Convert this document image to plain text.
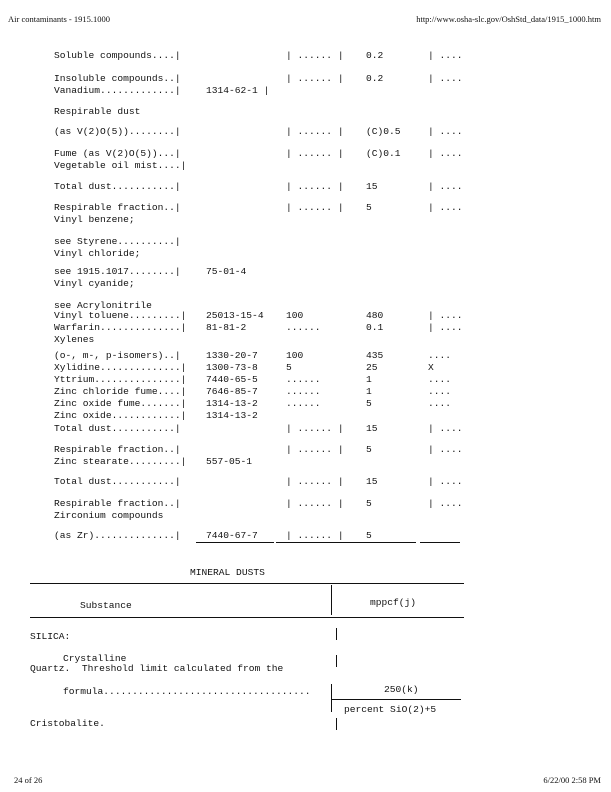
Air contaminants - 1915.1000	http://www.osha-slc.gov/OshStd_data/1915_1000.htm
Soluble compounds....|	| ...... | 0.2	| ....
Insoluble compounds..|	| ...... | 0.2	| ....
Vanadium.............|	1314-62-1 |
Respirable dust
(as V(2)O(5))........|	| ...... | (C)0.5	| ....
Fume (as V(2)O(5))...|	| ...... | (C)0.1	| ....
Vegetable oil mist....|
Total dust...........|	| ...... | 15	| ....
Respirable fraction..|	| ...... | 5	| ....
Vinyl benzene;
see Styrene..........|
Vinyl chloride;
see 1915.1017........|	75-01-4
Vinyl cyanide;
see Acrylonitrile
Vinyl toluene.........| 25013-15-4 100	480	| ....
Warfarin..............| 81-81-2	......	0.1	| ....
Xylenes
(o-, m-, p-isomers)..|	1330-20-7	100	435	....
Xylidine..............| 1300-73-8	5	25	X
Yttrium...............| 7440-65-5	......	1	....
Zinc chloride fume....| 7646-85-7	......	1	....
Zinc oxide fume.......| 1314-13-2	......	5	....
Zinc oxide............| 1314-13-2
Total dust...........|	| ...... | 15	| ....
Respirable fraction..|	| ...... | 5	| ....
Zinc stearate.........| 557-05-1
Total dust...........|	| ...... | 15	| ....
Respirable fraction..|	| ...... | 5	| ....
Zirconium compounds
(as Zr)..............|	7440-67-7	| ...... | 5
MINERAL DUSTS
Substance	mppcf(j)
SILICA:
Crystalline
Quartz.  Threshold limit calculated from the
formula....................................	250(k)
percent SiO(2)+5
Cristobalite.
24 of 26	6/22/00 2:58 PM
